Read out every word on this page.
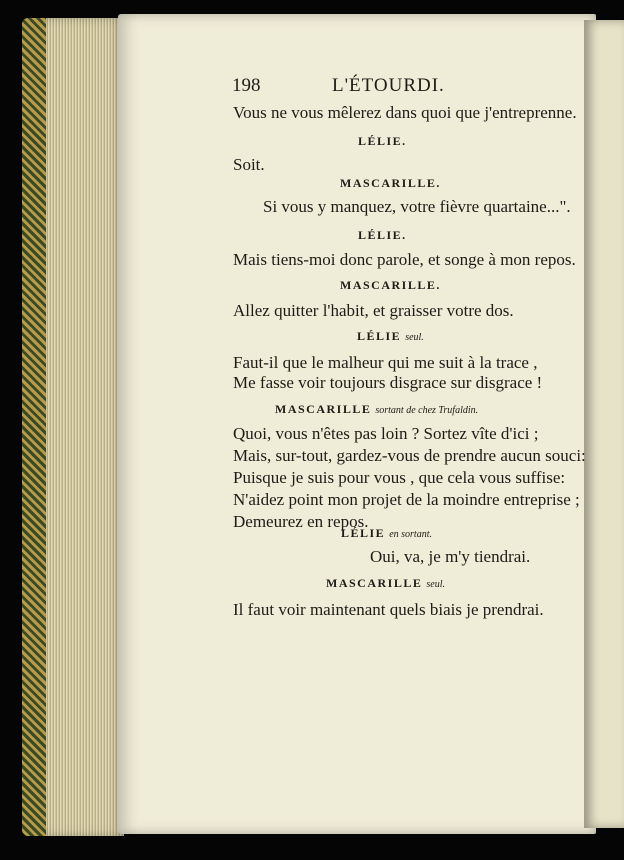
198	L'ÉTOURDI.
Vous ne vous mêlerez dans quoi que j'entreprenne.
LÉLIE.
Soit.
MASCARILLE.
Si vous y manquez, votre fièvre quartaine...".
LÉLIE.
Mais tiens-moi donc parole, et songe à mon repos.
MASCARILLE.
Allez quitter l'habit, et graisser votre dos.
LÉLIE seul.
Faut-il que le malheur qui me suit à la trace ,
Me fasse voir toujours disgrace sur disgrace !
MASCARILLE sortant de chez Trufaldin.
Quoi, vous n'êtes pas loin ? Sortez vîte d'ici ;
Mais, sur-tout, gardez-vous de prendre aucun souci:
Puisque je suis pour vous , que cela vous suffise:
N'aidez point mon projet de la moindre entreprise ;
Demeurez en repos.
LÉLIE en sortant.
Oui, va, je m'y tiendrai.
MASCARILLE seul.
Il faut voir maintenant quels biais je prendrai.
